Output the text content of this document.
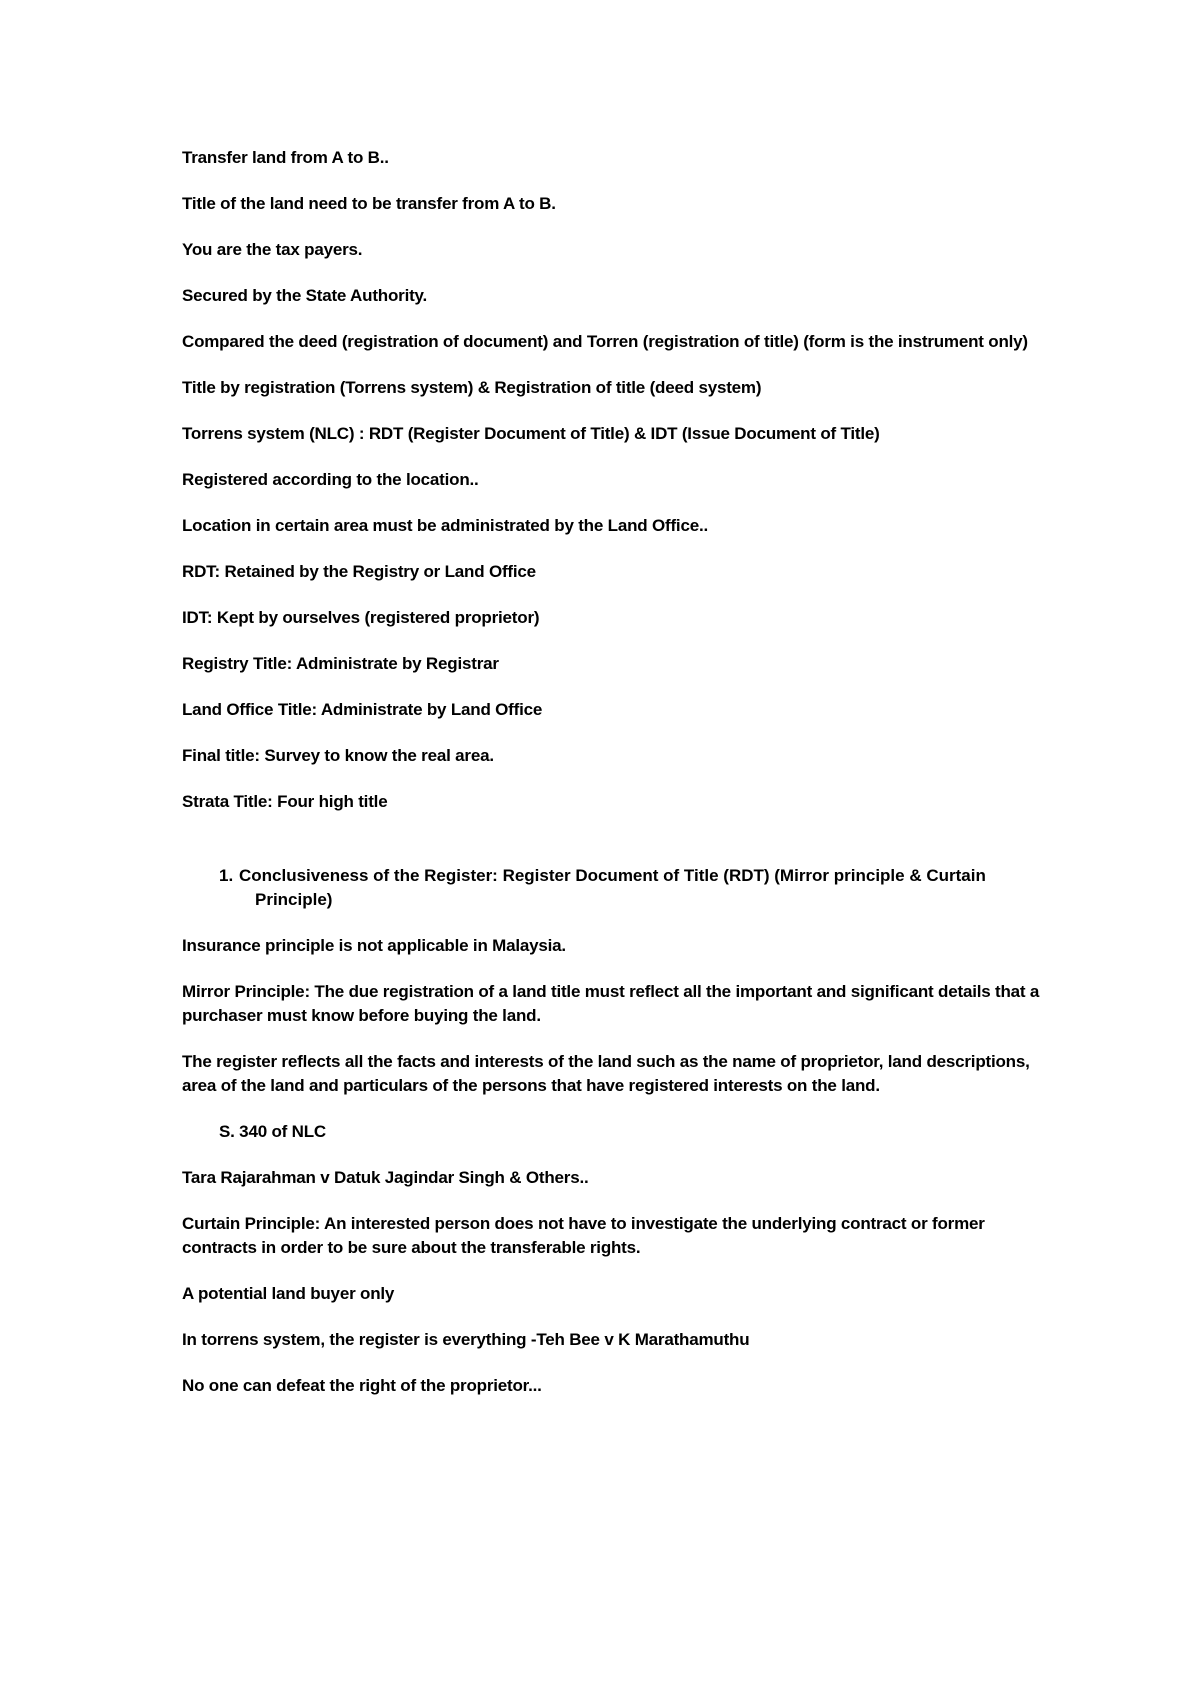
Transfer land from A to B..

Title of the land need to be transfer from A to B.

You are the tax payers.

Secured by the State Authority.

Compared the deed (registration of document) and Torren (registration of title) (form is the instrument only)

Title by registration (Torrens system) & Registration of title (deed system)

Torrens system (NLC) : RDT (Register Document of Title) & IDT (Issue Document of Title)

Registered according to the location..

Location in certain area must be administrated by the Land Office..

RDT: Retained by the Registry or Land Office

IDT: Kept by ourselves (registered proprietor)

Registry Title: Administrate by Registrar

Land Office Title: Administrate by Land Office

Final title: Survey to know the real area.

Strata Title: Four high title

1. Conclusiveness of the Register: Register Document of Title (RDT) (Mirror principle & Curtain
Principle)

Insurance principle is not applicable in Malaysia.

Mirror Principle: The due registration of a land title must reflect all the important and significant details that a purchaser must know before buying the land.

The register reflects all the facts and interests of the land such as the name of proprietor, land descriptions, area of the land and particulars of the persons that have registered interests on the land.

S. 340 of NLC

Tara Rajarahman v Datuk Jagindar Singh & Others..

Curtain Principle: An interested person does not have to investigate the underlying contract or former contracts in order to be sure about the transferable rights.

A potential land buyer only

In torrens system, the register is everything -Teh Bee v K Marathamuthu

No one can defeat the right of the proprietor...
